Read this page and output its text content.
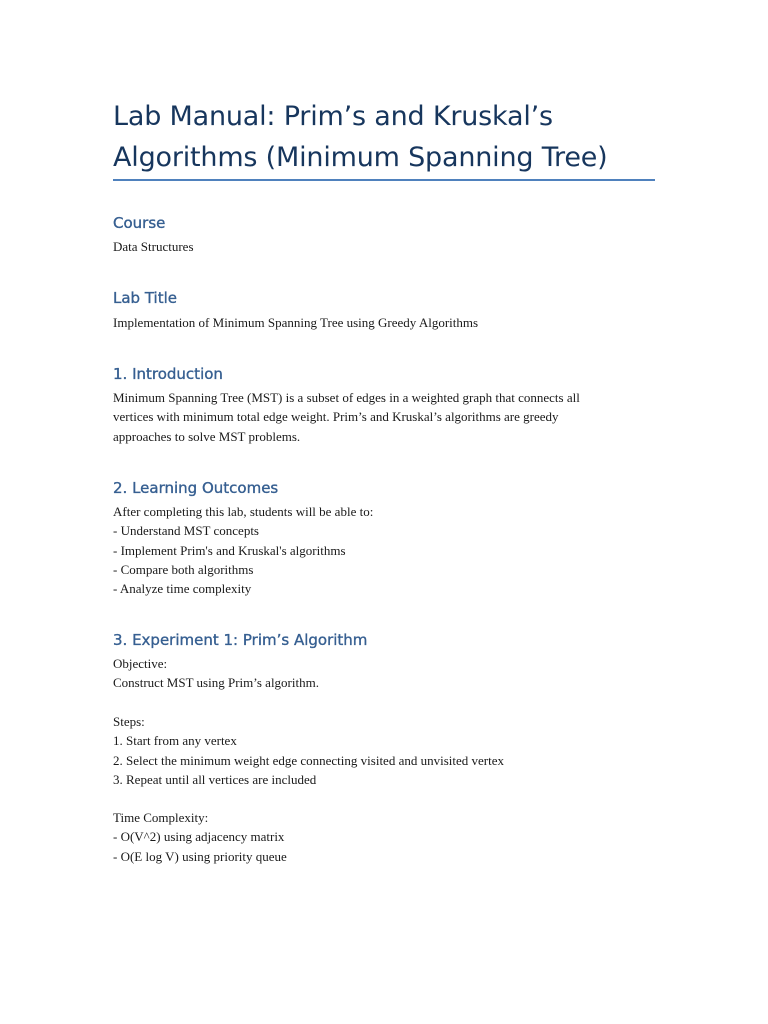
Lab Manual: Prim’s and Kruskal’s
Algorithms (Minimum Spanning Tree)
Course

Data Structures

Lab Title

Implementation of Minimum Spanning Tree using Greedy Algorithms

1. Introduction

Minimum Spanning Tree (MST) is a subset of edges in a weighted graph that connects all
vertices with minimum total edge weight. Prim’s and Kruskal’s algorithms are greedy
approaches to solve MST problems.

2. Learning Outcomes

After completing this lab, students will be able to:
- Understand MST concepts
- Implement Prim's and Kruskal's algorithms
- Compare both algorithms
- Analyze time complexity

3. Experiment 1: Prim’s Algorithm

Objective:
Construct MST using Prim’s algorithm.

Steps:
1. Start from any vertex
2. Select the minimum weight edge connecting visited and unvisited vertex
3. Repeat until all vertices are included

Time Complexity:
- O(V^2) using adjacency matrix
- O(E log V) using priority queue
